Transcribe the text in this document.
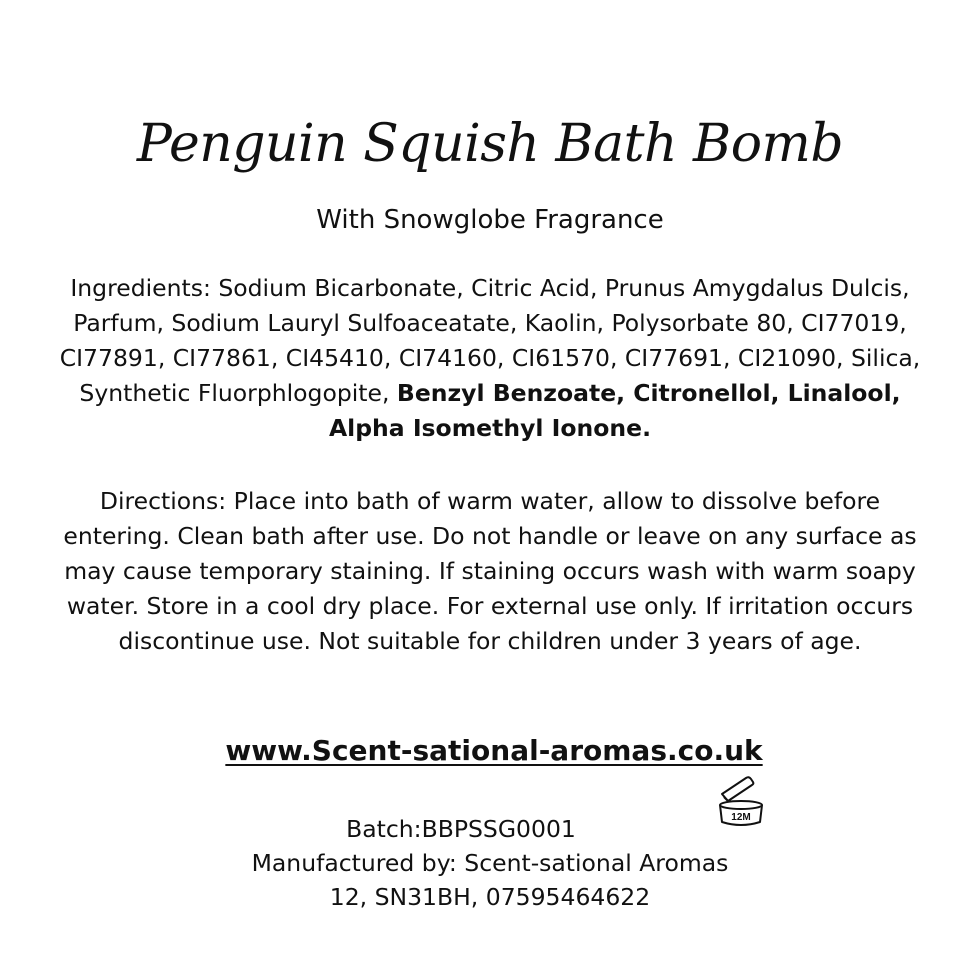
Penguin Squish Bath Bomb
With Snowglobe Fragrance
Ingredients: Sodium Bicarbonate, Citric Acid, Prunus Amygdalus Dulcis, Parfum, Sodium Lauryl Sulfoaceatate, Kaolin, Polysorbate 80, CI77019, CI77891, CI77861, CI45410, CI74160, CI61570, CI77691, CI21090, Silica, Synthetic Fluorphlogopite, Benzyl Benzoate, Citronellol, Linalool, Alpha Isomethyl Ionone.
Directions: Place into bath of warm water, allow to dissolve before entering. Clean bath after use. Do not handle or leave on any surface as may cause temporary staining. If staining occurs wash with warm soapy water. Store in a cool dry place. For external use only. If irritation occurs discontinue use. Not suitable for children under 3 years of age.
www.Scent-sational-aromas.co.uk
Batch:BBPSSG0001
Manufactured by: Scent-sational Aromas
12, SN31BH, 07595464622
12M
